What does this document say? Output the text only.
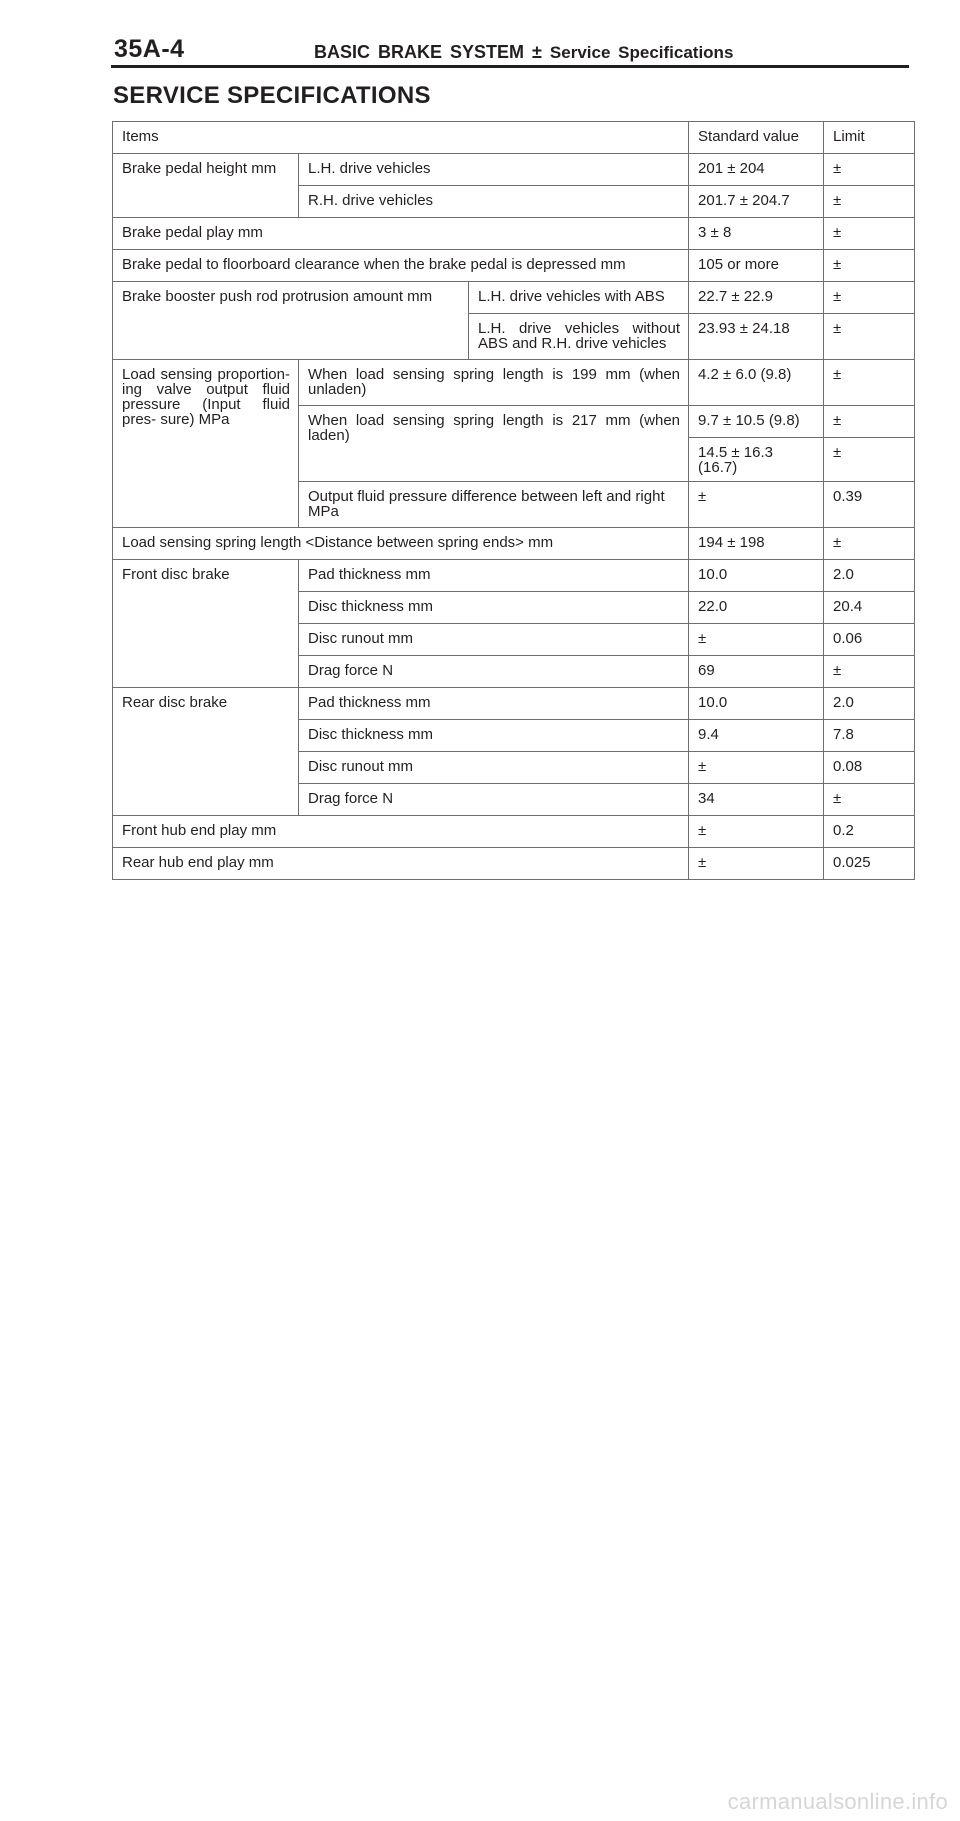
35A-4	BASIC BRAKE SYSTEM ± Service Specifications
SERVICE SPECIFICATIONS
Items			Standard value	Limit
Brake pedal height mm	L.H. drive vehicles		201 ± 204	±
	R.H. drive vehicles		201.7 ± 204.7	±
Brake pedal play mm			3 ± 8	±
Brake pedal to floorboard clearance when the brake pedal is depressed mm			105 or more	±
Brake booster push rod protrusion amount mm		L.H. drive vehicles with ABS	22.7 ± 22.9	±
		L.H. drive vehicles without ABS and R.H. drive vehicles	23.93 ± 24.18	±
Load sensing proportion- ing valve output fluid pressure (Input fluid pres- sure) MPa	When load sensing spring length is 199 mm (when unladen)		4.2 ± 6.0 (9.8)	±
	When load sensing spring length is 217 mm (when laden)		9.7 ± 10.5 (9.8)	±
			14.5 ± 16.3 (16.7)	±
	Output fluid pressure difference between left and right MPa		±	0.39
Load sensing spring length <Distance between spring ends> mm			194 ± 198	±
Front disc brake	Pad thickness mm		10.0	2.0
	Disc thickness mm		22.0	20.4
	Disc runout mm		±	0.06
	Drag force N		69	±
Rear disc brake	Pad thickness mm		10.0	2.0
	Disc thickness mm		9.4	7.8
	Disc runout mm		±	0.08
	Drag force N		34	±
Front hub end play mm			±	0.2
Rear hub end play mm			±	0.025
carmanualsonline.info
